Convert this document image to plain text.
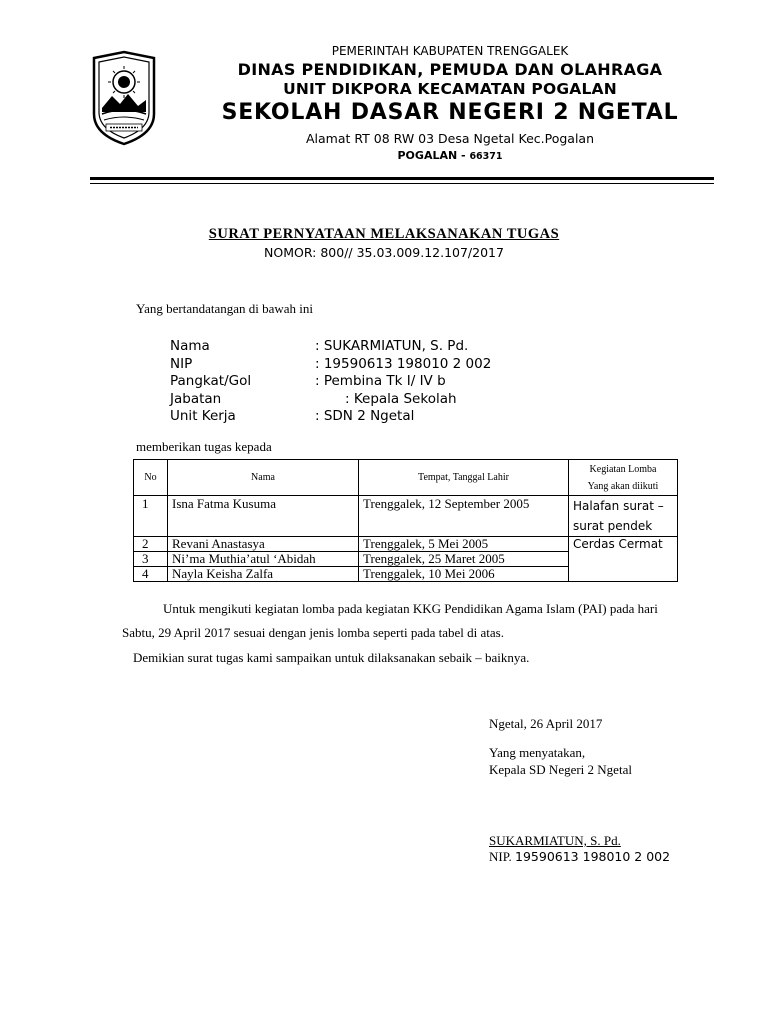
PEMERINTAH KABUPATEN TRENGGALEK
DINAS PENDIDIKAN, PEMUDA DAN OLAHRAGA
UNIT DIKPORA KECAMATAN POGALAN
SEKOLAH DASAR NEGERI 2 NGETAL
Alamat RT 08 RW 03 Desa Ngetal Kec.Pogalan
POGALAN - 66371
SURAT PERNYATAAN MELAKSANAKAN TUGAS
NOMOR: 800// 35.03.009.12.107/2017
Yang bertandatangan di bawah ini
Nama	: SUKARMIATUN, S. Pd.
NIP	: 19590613 198010 2 002
Pangkat/Gol	: Pembina Tk I/ IV b
Jabatan	: Kepala Sekolah
Unit Kerja	: SDN 2 Ngetal
memberikan tugas kepada
No	Nama	Tempat, Tanggal Lahir	Kegiatan Lomba
Yang akan diikuti

1	Isna Fatma Kusuma	Trenggalek, 12 September 2005	Halafan surat –
surat pendek

2	Revani Anastasya	Trenggalek, 5 Mei 2005	Cerdas Cermat
3	Ni’ma Muthia’atul ‘Abidah	Trenggalek, 25 Maret 2005	
4	Nayla Keisha Zalfa	Trenggalek, 10 Mei 2006	
Untuk mengikuti kegiatan lomba pada kegiatan KKG Pendidikan Agama Islam (PAI) pada hari
Sabtu, 29 April 2017 sesuai dengan jenis lomba seperti pada tabel di atas.
Demikian surat tugas kami sampaikan untuk dilaksanakan sebaik – baiknya.
Ngetal, 26 April 2017
Yang menyatakan,
Kepala SD Negeri 2 Ngetal
SUKARMIATUN, S. Pd.
NIP. 19590613 198010 2 002
